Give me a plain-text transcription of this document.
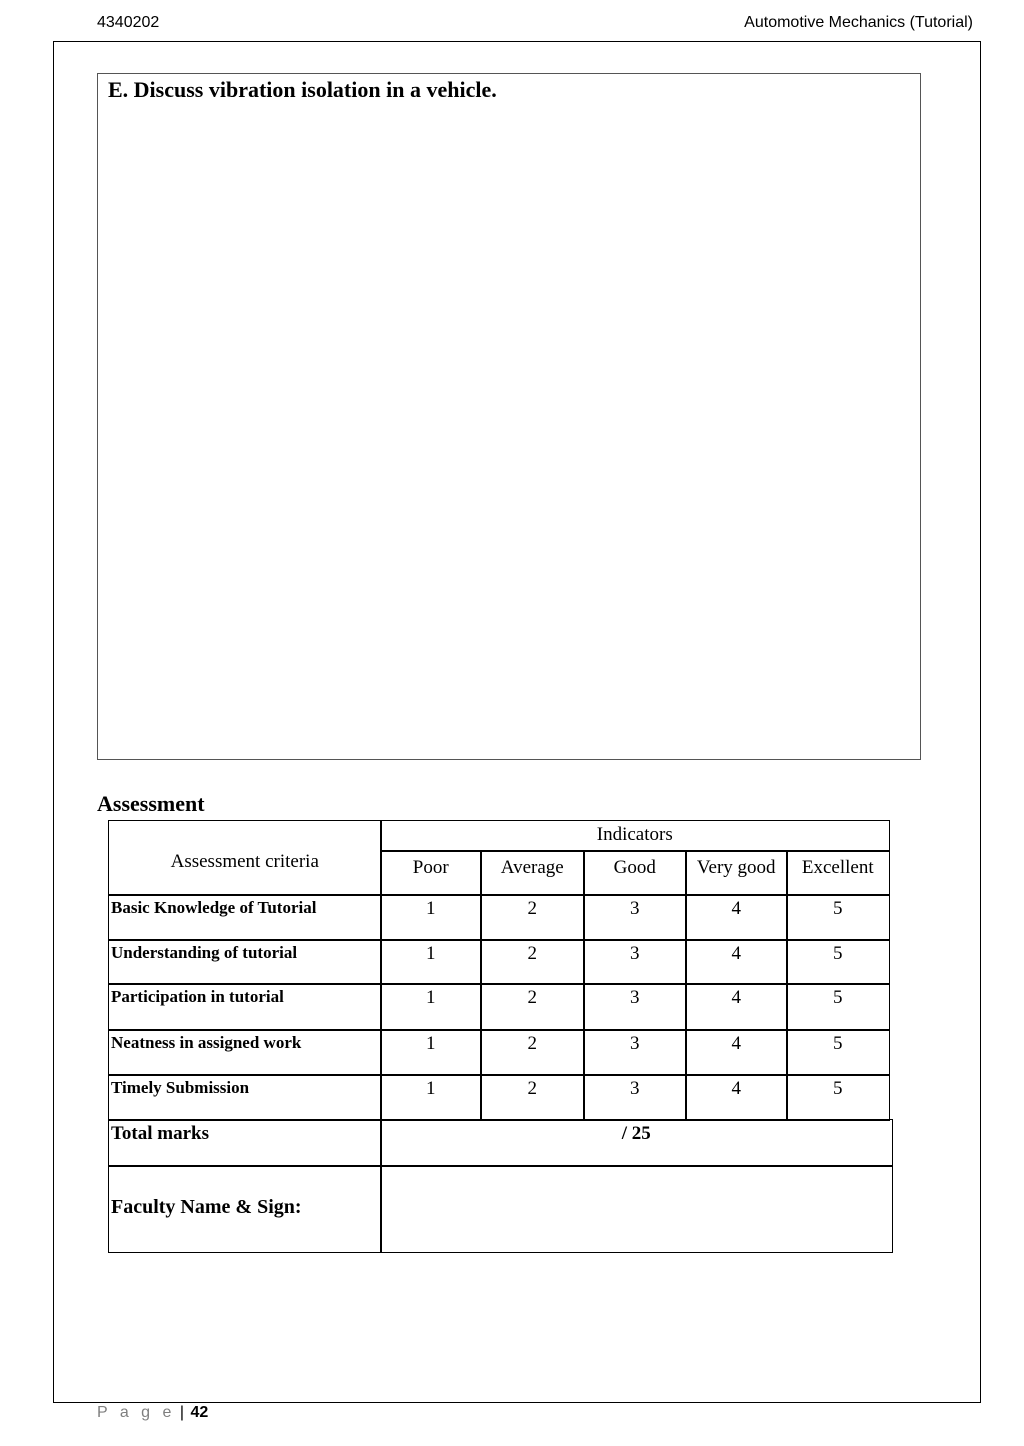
4340202	Automotive Mechanics (Tutorial)

E. Discuss vibration isolation in a vehicle.

Assessment
Assessment criteria
Indicators
Poor	Average	Good	Very good	Excellent
Basic Knowledge of Tutorial	1	2	3	4	5
Understanding of tutorial	1	2	3	4	5
Participation in tutorial	1	2	3	4	5
Neatness in assigned work	1	2	3	4	5
Timely Submission	1	2	3	4	5
Total marks	/ 25
Faculty Name & Sign:
P a g e | 42
